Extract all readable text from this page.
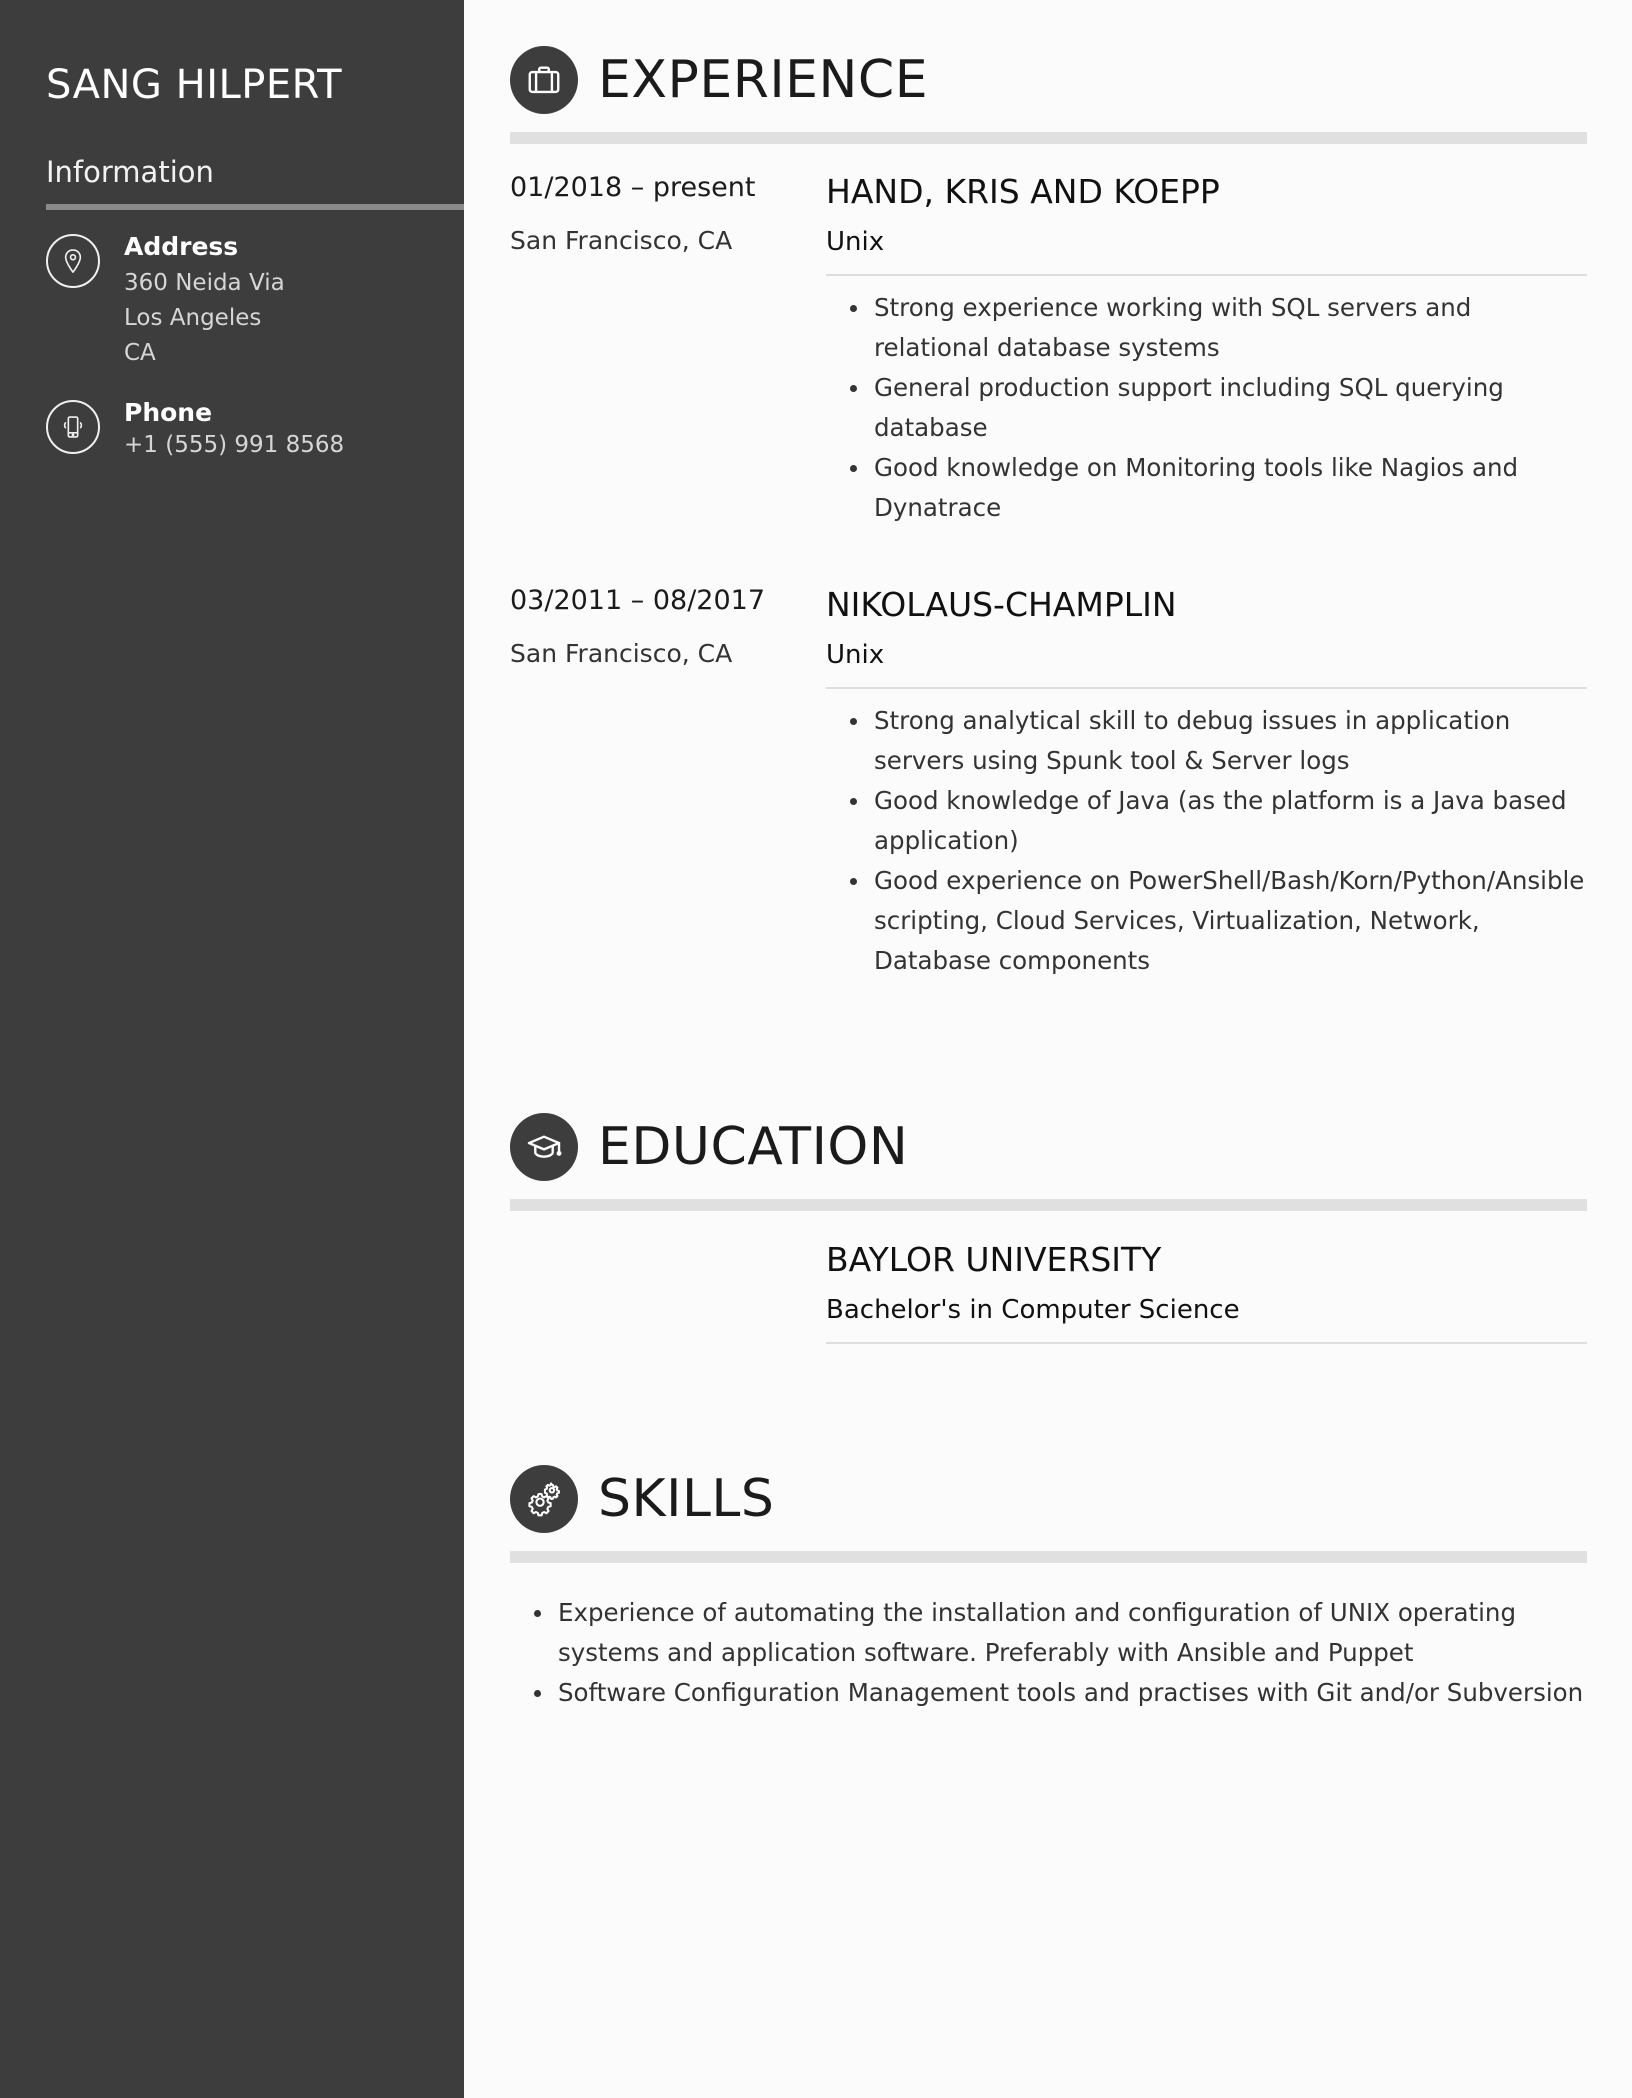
SANG HILPERT
Information
Address
360 Neida Via
Los Angeles
CA
Phone
+1 (555) 991 8568
EXPERIENCE
01/2018 – present
San Francisco, CA
HAND, KRIS AND KOEPP
Unix
Strong experience working with SQL servers and relational database systems
General production support including SQL querying database
Good knowledge on Monitoring tools like Nagios and Dynatrace
03/2011 – 08/2017
San Francisco, CA
NIKOLAUS-CHAMPLIN
Unix
Strong analytical skill to debug issues in application servers using Spunk tool & Server logs
Good knowledge of Java (as the platform is a Java based application)
Good experience on PowerShell/Bash/Korn/Python/Ansible scripting, Cloud Services, Virtualization, Network, Database components
EDUCATION
BAYLOR UNIVERSITY
Bachelor's in Computer Science
SKILLS
Experience of automating the installation and configuration of UNIX operating systems and application software. Preferably with Ansible and Puppet
Software Configuration Management tools and practises with Git and/or Subversion
